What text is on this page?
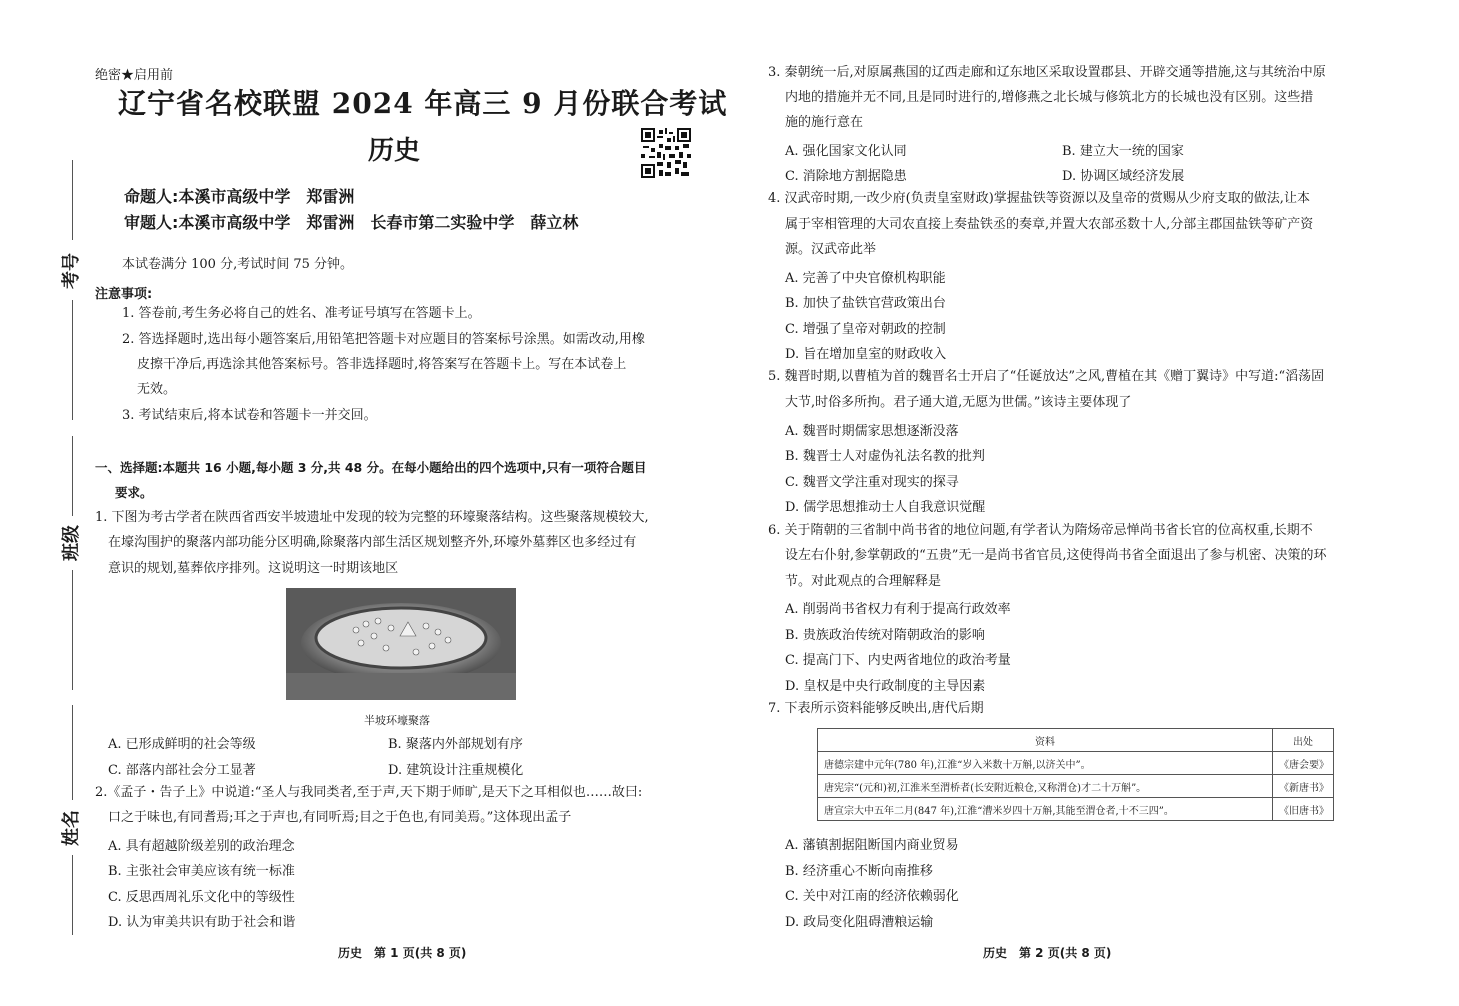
考号
班级
姓名
绝密★启用前
辽宁省名校联盟 2024 年高三 9 月份联合考试
历史
命题人:本溪市高级中学　郑雷洲
审题人:本溪市高级中学　郑雷洲　长春市第二实验中学　薛立林
本试卷满分 100 分,考试时间 75 分钟。
注意事项:
1. 答卷前,考生务必将自己的姓名、准考证号填写在答题卡上。
2. 答选择题时,选出每小题答案后,用铅笔把答题卡对应题目的答案标号涂黑。如需改动,用橡
皮擦干净后,再选涂其他答案标号。答非选择题时,将答案写在答题卡上。写在本试卷上
无效。
3. 考试结束后,将本试卷和答题卡一并交回。
一、选择题:本题共 16 小题,每小题 3 分,共 48 分。在每小题给出的四个选项中,只有一项符合题目
要求。
1. 下图为考古学者在陕西省西安半坡遗址中发现的较为完整的环壕聚落结构。这些聚落规模较大,
在壕沟围护的聚落内部功能分区明确,除聚落内部生活区规划整齐外,环壕外墓葬区也多经过有
意识的规划,墓葬依序排列。这说明这一时期该地区
半坡环壕聚落
A. 已形成鲜明的社会等级	B. 聚落内外部规划有序
C. 部落内部社会分工显著	D. 建筑设计注重规模化
2.《孟子・告子上》中说道:“圣人与我同类者,至于声,天下期于师旷,是天下之耳相似也……故曰:
口之于味也,有同耆焉;耳之于声也,有同听焉;目之于色也,有同美焉。”这体现出孟子
A. 具有超越阶级差别的政治理念
B. 主张社会审美应该有统一标准
C. 反思西周礼乐文化中的等级性
D. 认为审美共识有助于社会和谐
历史　第 1 页(共 8 页)
3. 秦朝统一后,对原属燕国的辽西走廊和辽东地区采取设置郡县、开辟交通等措施,这与其统治中原
内地的措施并无不同,且是同时进行的,增修燕之北长城与修筑北方的长城也没有区别。这些措
施的施行意在
A. 强化国家文化认同	B. 建立大一统的国家
C. 消除地方割据隐患	D. 协调区域经济发展
4. 汉武帝时期,一改少府(负责皇室财政)掌握盐铁等资源以及皇帝的赏赐从少府支取的做法,让本
属于宰相管理的大司农直接上奏盐铁丞的奏章,并置大农部丞数十人,分部主郡国盐铁等矿产资
源。汉武帝此举
A. 完善了中央官僚机构职能
B. 加快了盐铁官营政策出台
C. 增强了皇帝对朝政的控制
D. 旨在增加皇室的财政收入
5. 魏晋时期,以曹植为首的魏晋名士开启了“任诞放达”之风,曹植在其《赠丁翼诗》中写道:“滔荡固
大节,时俗多所拘。君子通大道,无愿为世儒。”该诗主要体现了
A. 魏晋时期儒家思想逐渐没落
B. 魏晋士人对虚伪礼法名教的批判
C. 魏晋文学注重对现实的探寻
D. 儒学思想推动士人自我意识觉醒
6. 关于隋朝的三省制中尚书省的地位问题,有学者认为隋炀帝忌惮尚书省长官的位高权重,长期不
设左右仆射,参掌朝政的“五贵”无一是尚书省官员,这使得尚书省全面退出了参与机密、决策的环
节。对此观点的合理解释是
A. 削弱尚书省权力有利于提高行政效率
B. 贵族政治传统对隋朝政治的影响
C. 提高门下、内史两省地位的政治考量
D. 皇权是中央行政制度的主导因素
7. 下表所示资料能够反映出,唐代后期
资料	出处
唐德宗建中元年(780 年),江淮“岁入米数十万斛,以济关中”。	《唐会要》
唐宪宗“(元和)初,江淮米至渭桥者(长安附近粮仓,又称渭仓)才二十万斛”。	《新唐书》
唐宣宗大中五年二月(847 年),江淮“漕米岁四十万斛,其能至渭仓者,十不三四”。	《旧唐书》
A. 藩镇割据阻断国内商业贸易
B. 经济重心不断向南推移
C. 关中对江南的经济依赖弱化
D. 政局变化阻碍漕粮运输
历史　第 2 页(共 8 页)
